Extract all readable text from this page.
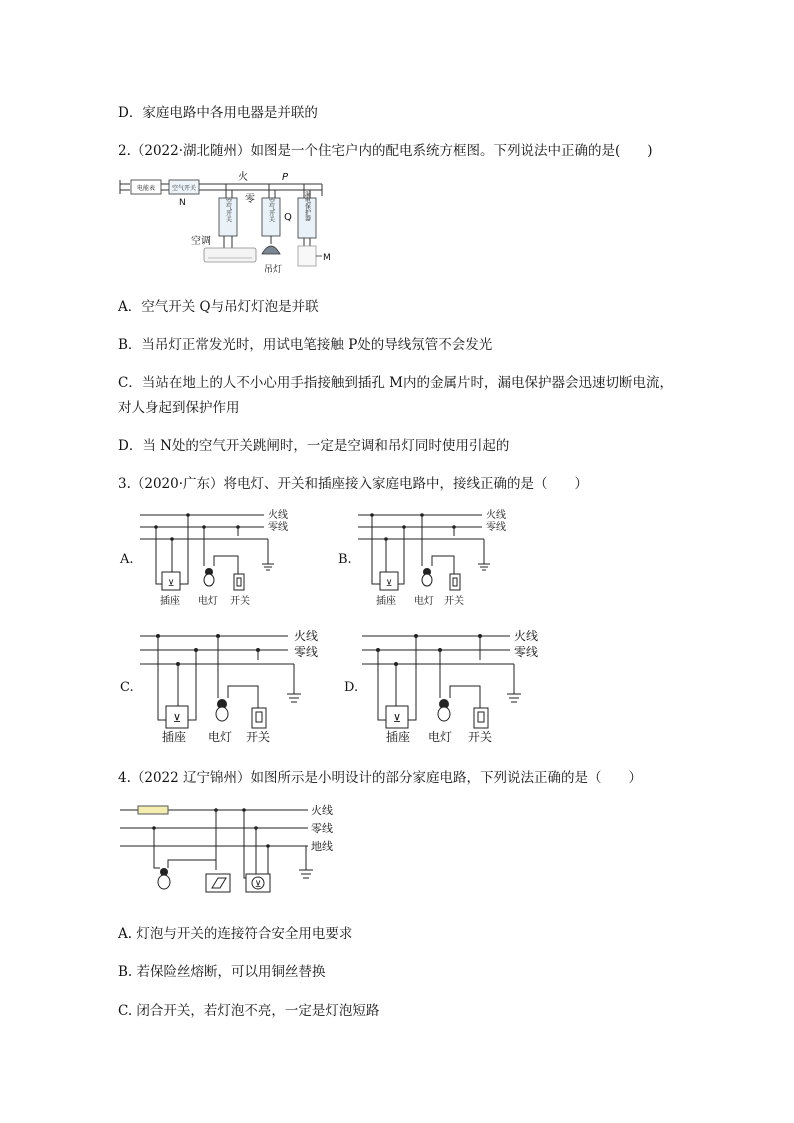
D．家庭电路中各用电器是并联的
2.（2022·湖北随州）如图是一个住宅户内的配电系统方框图。下列说法中正确的是(　　)
电能表	空气开关
N
火
零
P
空气开关
空调
空气开关 Q
吊灯
漏电保护器
M
A．空气开关 Q与吊灯灯泡是并联
B．当吊灯正常发光时，用试电笔接触 P处的导线氖管不会发光
C．当站在地上的人不小心用手指接触到插孔 M内的金属片时，漏电保护器会迅速切断电流，
对人身起到保护作用
D．当 N处的空气开关跳闸时，一定是空调和吊灯同时使用引起的
3.（2020·广东）将电灯、开关和插座接入家庭电路中，接线正确的是（　　）
A.
火线
零线
⊻
插座 电灯 开关
B.
火线
零线
⊻
插座 电灯 开关
C.
火线
零线
⊻
插座 电灯 开关
D.
火线
零线
⊻
插座 电灯 开关
4.（2022 辽宁锦州）如图所示是小明设计的部分家庭电路，下列说法正确的是（　　）
火线
零线
地线
⊻
A. 灯泡与开关的连接符合安全用电要求
B. 若保险丝熔断，可以用铜丝替换
C. 闭合开关，若灯泡不亮，一定是灯泡短路
